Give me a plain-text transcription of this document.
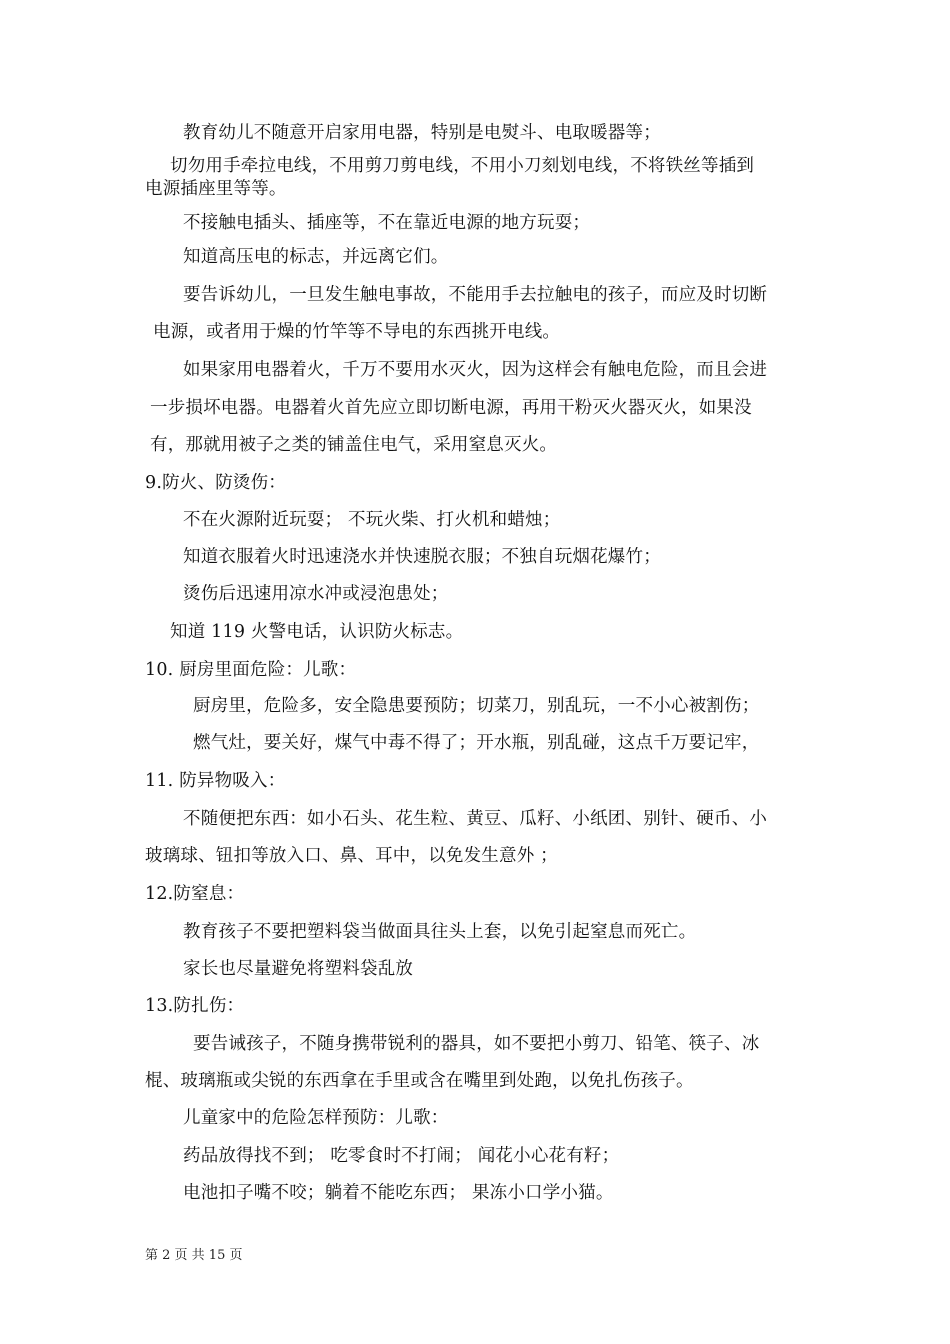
教育幼儿不随意开启家用电器，特别是电熨斗、电取暖器等；
切勿用手牵拉电线，不用剪刀剪电线，不用小刀刻划电线，不将铁丝等插到
电源插座里等等。
不接触电插头、插座等，不在靠近电源的地方玩耍；
知道高压电的标志，并远离它们。
要告诉幼儿，一旦发生触电事故，不能用手去拉触电的孩子，而应及时切断
电源，或者用于燥的竹竿等不导电的东西挑开电线。
如果家用电器着火，千万不要用水灭火，因为这样会有触电危险，而且会进
一步损坏电器。电器着火首先应立即切断电源，再用干粉灭火器灭火，如果没
有，那就用被子之类的铺盖住电气，采用窒息灭火。
9.防火、防烫伤：
不在火源附近玩耍； 不玩火柴、打火机和蜡烛；
知道衣服着火时迅速浇水并快速脱衣服；不独自玩烟花爆竹；
烫伤后迅速用凉水冲或浸泡患处；
知道 119 火警电话，认识防火标志。
10. 厨房里面危险：儿歌：
厨房里，危险多，安全隐患要预防；切菜刀，别乱玩，一不小心被割伤；
燃气灶，要关好，煤气中毒不得了；开水瓶，别乱碰，这点千万要记牢，
11. 防异物吸入：
不随便把东西：如小石头、花生粒、黄豆、瓜籽、小纸团、别针、硬币、小
玻璃球、钮扣等放入口、鼻、耳中，以免发生意外 ；
12.防窒息：
教育孩子不要把塑料袋当做面具往头上套，以免引起窒息而死亡。
家长也尽量避免将塑料袋乱放
13.防扎伤：
要告诫孩子，不随身携带锐利的器具，如不要把小剪刀、铅笔、筷子、冰
棍、玻璃瓶或尖锐的东西拿在手里或含在嘴里到处跑，以免扎伤孩子。
儿童家中的危险怎样预防：儿歌：
药品放得找不到； 吃零食时不打闹； 闻花小心花有籽；
电池扣子嘴不咬；躺着不能吃东西； 果冻小口学小猫。
第 2 页 共 15 页
